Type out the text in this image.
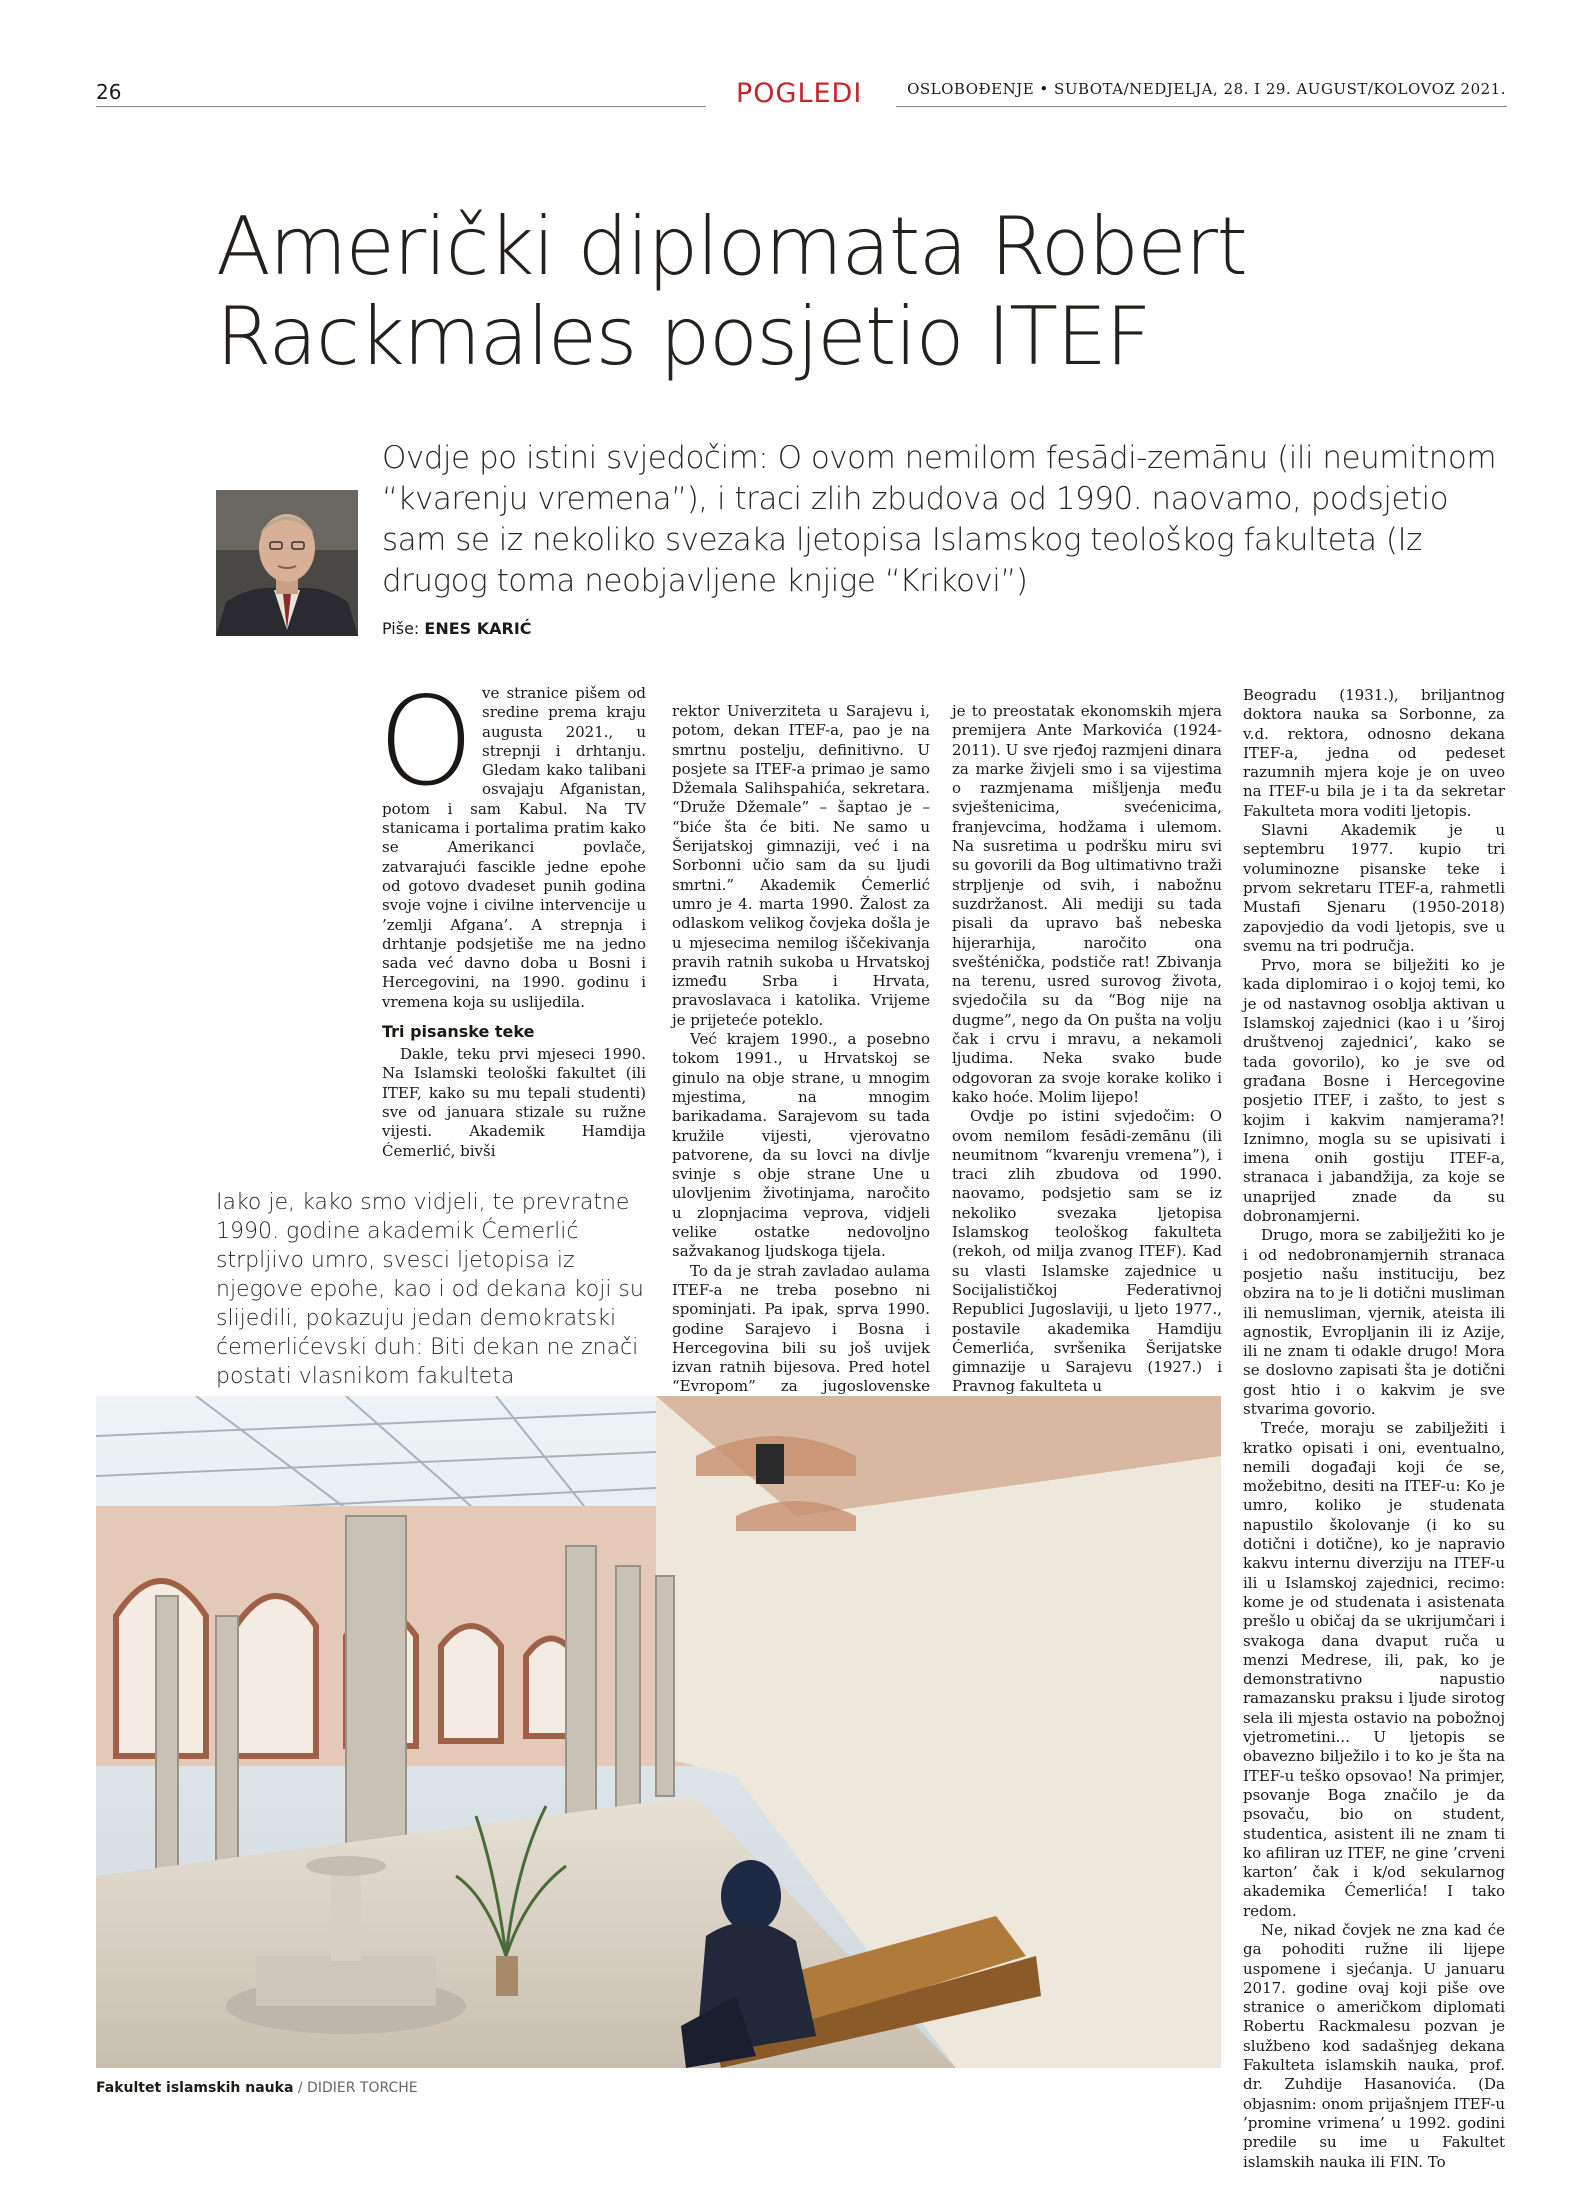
26	POGLEDI	OSLOBOĐENJE • SUBOTA/NEDJELJA, 28. I 29. AUGUST/KOLOVOZ 2021.
Američki diplomata Robert
Rackmales posjetio ITEF
Ovdje po istini svjedočim: O ovom nemilom fesādi-zemānu (ili neumitnom “kvarenju vremena”), i traci zlih zbudova od 1990. naovamo, podsjetio sam se iz nekoliko svezaka ljetopisa Islamskog teološkog fakulteta (Iz drugog toma neobjavljene knjige “Krikovi”)
Piše: ENES KARIĆ
O ve stranice pišem od sredine prema kraju augusta 2021., u strepnji i drhtanju. Gledam kako talibani osvajaju Afganistan, potom i sam Kabul. Na TV stanicama i portalima pratim kako se Amerikanci povlače, zatvarajući fascikle jedne epohe od gotovo dvadeset punih godina svoje vojne i civilne intervencije u ’zemlji Afgana’. A strepnja i drhtanje podsjetiše me na jedno sada već davno doba u Bosni i Hercegovini, na 1990. godinu i vremena koja su uslijedila.

Tri pisanske teke

Dakle, teku prvi mjeseci 1990. Na Islamski teološki fakultet (ili ITEF, kako su mu tepali studenti) sve od januara stizale su ružne vijesti. Akademik Hamdija Ćemerlić, bivši

Iako je, kako smo vidjeli, te prevratne 1990. godine akademik Ćemerlić strpljivo umro, svesci ljetopisa iz njegove epohe, kao i od dekana koji su slijedili, pokazuju jedan demokratski ćemerlićevski duh: Biti dekan ne znači postati vlasnikom fakulteta

rektor Univerziteta u Sarajevu i, potom, dekan ITEF-a, pao je na smrtnu postelju, definitivno. U posjete sa ITEF-a primao je samo Džemala Salihspahića, sekretara. “Druže Džemale” – šaptao je – “biće šta će biti. Ne samo u Šerijatskoj gimnaziji, već i na Sorbonni učio sam da su ljudi smrtni.” Akademik Ćemerlić umro je 4. marta 1990. Žalost za odlaskom velikog čovjeka došla je u mjesecima nemilog iščekivanja pravih ratnih sukoba u Hrvatskoj između Srba i Hrvata, pravoslavaca i katolika. Vrijeme je prijeteće poteklo.

Već krajem 1990., a posebno tokom 1991., u Hrvatskoj se ginulo na obje strane, u mnogim mjestima, na mnogim barikadama. Sarajevom su tada kružile vijesti, vjerovatno patvorene, da su lovci na divlje svinje s obje strane Une u ulovljenim životinjama, naročito u zlopnjacima veprova, vidjeli velike ostatke nedovoljno sažvakanog ljudskoga tijela.

To da je strah zavladao aulama ITEF-a ne treba posebno ni spominjati. Pa ipak, sprva 1990. godine Sarajevo i Bosna i Hercegovina bili su još uvijek izvan ratnih bijesova. Pred hotel “Evropom” za jugoslovenske

je to preostatak ekonomskih mjera premijera Ante Markovića (1924-2011). U sve rjeđoj razmjeni dinara za marke živjeli smo i sa vijestima o razmjenama mišljenja među svještenicima, svećenicima, franjevcima, hodžama i ulemom. Na susretima u podršku miru svi su govorili da Bog ultimativno traži strpljenje od svih, i nabožnu suzdržanost. Ali mediji su tada pisali da upravo baš nebeska hijerarhija, naročito ona svešténička, podstiče rat! Zbivanja na terenu, usred surovog života, svjedočila su da “Bog nije na dugme”, nego da On pušta na volju čak i crvu i mravu, a nekamoli ljudima. Neka svako bude odgovoran za svoje korake koliko i kako hoće. Molim lijepo!

Ovdje po istini svjedočim: O ovom nemilom fesādi-zemānu (ili neumitnom “kvarenju vremena”), i traci zlih zbudova od 1990. naovamo, podsjetio sam se iz nekoliko svezaka ljetopisa Islamskog teološkog fakulteta (rekoh, od milja zvanog ITEF). Kad su vlasti Islamske zajednice u Socijalističkoj Federativnoj Republici Jugoslaviji, u ljeto 1977., postavile akademika Hamdiju Ćemerlića, svršenika Šerijatske gimnazije u Sarajevu (1927.) i Pravnog fakulteta u

Beogradu (1931.), briljantnog doktora nauka sa Sorbonne, za v.d. rektora, odnosno dekana ITEF-a, jedna od pedeset razumnih mjera koje je on uveo na ITEF-u bila je i ta da sekretar Fakulteta mora voditi ljetopis.

Slavni Akademik je u septembru 1977. kupio tri voluminozne pisanske teke i prvom sekretaru ITEF-a, rahmetli Mustafi Sjenaru (1950-2018) zapovjedio da vodi ljetopis, sve u svemu na tri područja.

Prvo, mora se bilježiti ko je kada diplomirao i o kojoj temi, ko je od nastavnog osoblja aktivan u Islamskoj zajednici (kao i u ’široj društvenoj zajednici’, kako se tada govorilo), ko je sve od građana Bosne i Hercegovine posjetio ITEF, i zašto, to jest s kojim i kakvim namjerama?! Iznimno, mogla su se upisivati i imena onih gostiju ITEF-a, stranaca i jabandžija, za koje se unaprijed znade da su dobronamjerni.

Drugo, mora se zabilježiti ko je i od nedobronamjernih stranaca posjetio našu instituciju, bez obzira na to je li dotični musliman ili nemusliman, vjernik, ateista ili agnostik, Evropljanin ili iz Azije, ili ne znam ti odakle drugo! Mora se doslovno zapisati šta je dotični gost htio i o kakvim je sve stvarima govorio.

Treće, moraju se zabilježiti i kratko opisati i oni, eventualno, nemili događaji koji će se, možebitno, desiti na ITEF-u: Ko je umro, koliko je studenata napustilo školovanje (i ko su dotični i dotične), ko je napravio kakvu internu diverziju na ITEF-u ili u Islamskoj zajednici, recimo: kome je od studenata i asistenata prešlo u običaj da se ukrijumčari i svakoga dana dvaput ruča u menzi Medrese, ili, pak, ko je demonstrativno napustio ramazansku praksu i ljude sirotog sela ili mjesta ostavio na pobožnoj vjetrometini... U ljetopis se obavezno bilježilo i to ko je šta na ITEF-u teško opsovao! Na primjer, psovanje Boga značilo je da psovaču, bio on student, studentica, asistent ili ne znam ti ko afiliran uz ITEF, ne gine ’crveni karton’ čak i k/od sekularnog akademika Ćemerlića! I tako redom.

Ne, nikad čovjek ne zna kad će ga pohoditi ružne ili lijepe uspomene i sjećanja. U januaru 2017. godine ovaj koji piše ove stranice o američkom diplomati Robertu Rackmalesu pozvan je službeno kod sadašnjeg dekana Fakulteta islamskih nauka, prof. dr. Zuhdije Hasanovića. (Da objasnim: onom prijašnjem ITEF-u ’promine vrimena’ u 1992. godini predile su ime u Fakultet islamskih nauka ili FIN. To

Fakultet islamskih nauka / DIDIER TORCHE
